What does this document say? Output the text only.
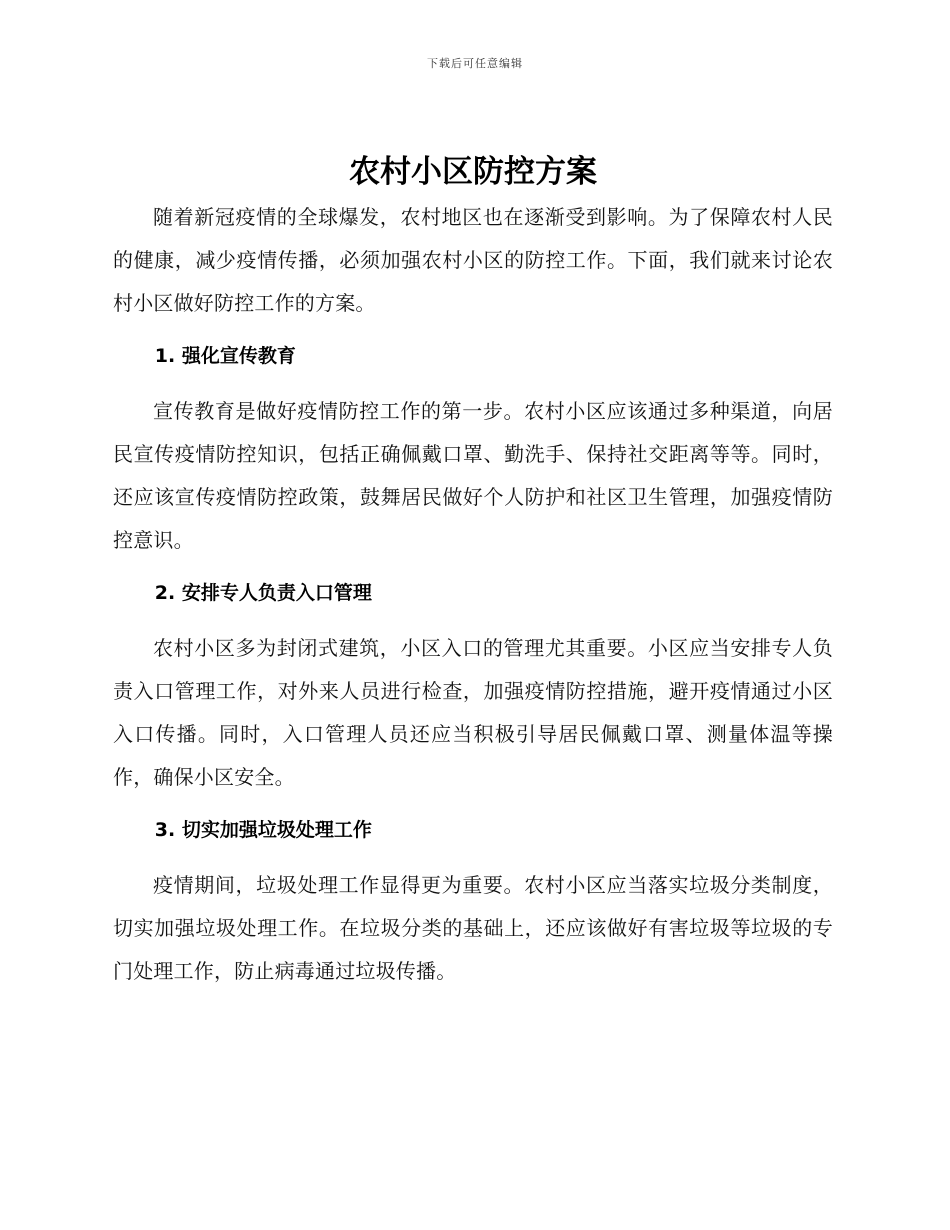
下载后可任意编辑
农村小区防控方案

随着新冠疫情的全球爆发，农村地区也在逐渐受到影响。为了保障农村人民的健康，减少疫情传播，必须加强农村小区的防控工作。下面，我们就来讨论农村小区做好防控工作的方案。

1. 强化宣传教育

宣传教育是做好疫情防控工作的第一步。农村小区应该通过多种渠道，向居民宣传疫情防控知识，包括正确佩戴口罩、勤洗手、保持社交距离等等。同时，还应该宣传疫情防控政策，鼓舞居民做好个人防护和社区卫生管理，加强疫情防控意识。

2. 安排专人负责入口管理

农村小区多为封闭式建筑，小区入口的管理尤其重要。小区应当安排专人负责入口管理工作，对外来人员进行检查，加强疫情防控措施，避开疫情通过小区入口传播。同时，入口管理人员还应当积极引导居民佩戴口罩、测量体温等操作，确保小区安全。

3. 切实加强垃圾处理工作

疫情期间，垃圾处理工作显得更为重要。农村小区应当落实垃圾分类制度，切实加强垃圾处理工作。在垃圾分类的基础上，还应该做好有害垃圾等垃圾的专门处理工作，防止病毒通过垃圾传播。
